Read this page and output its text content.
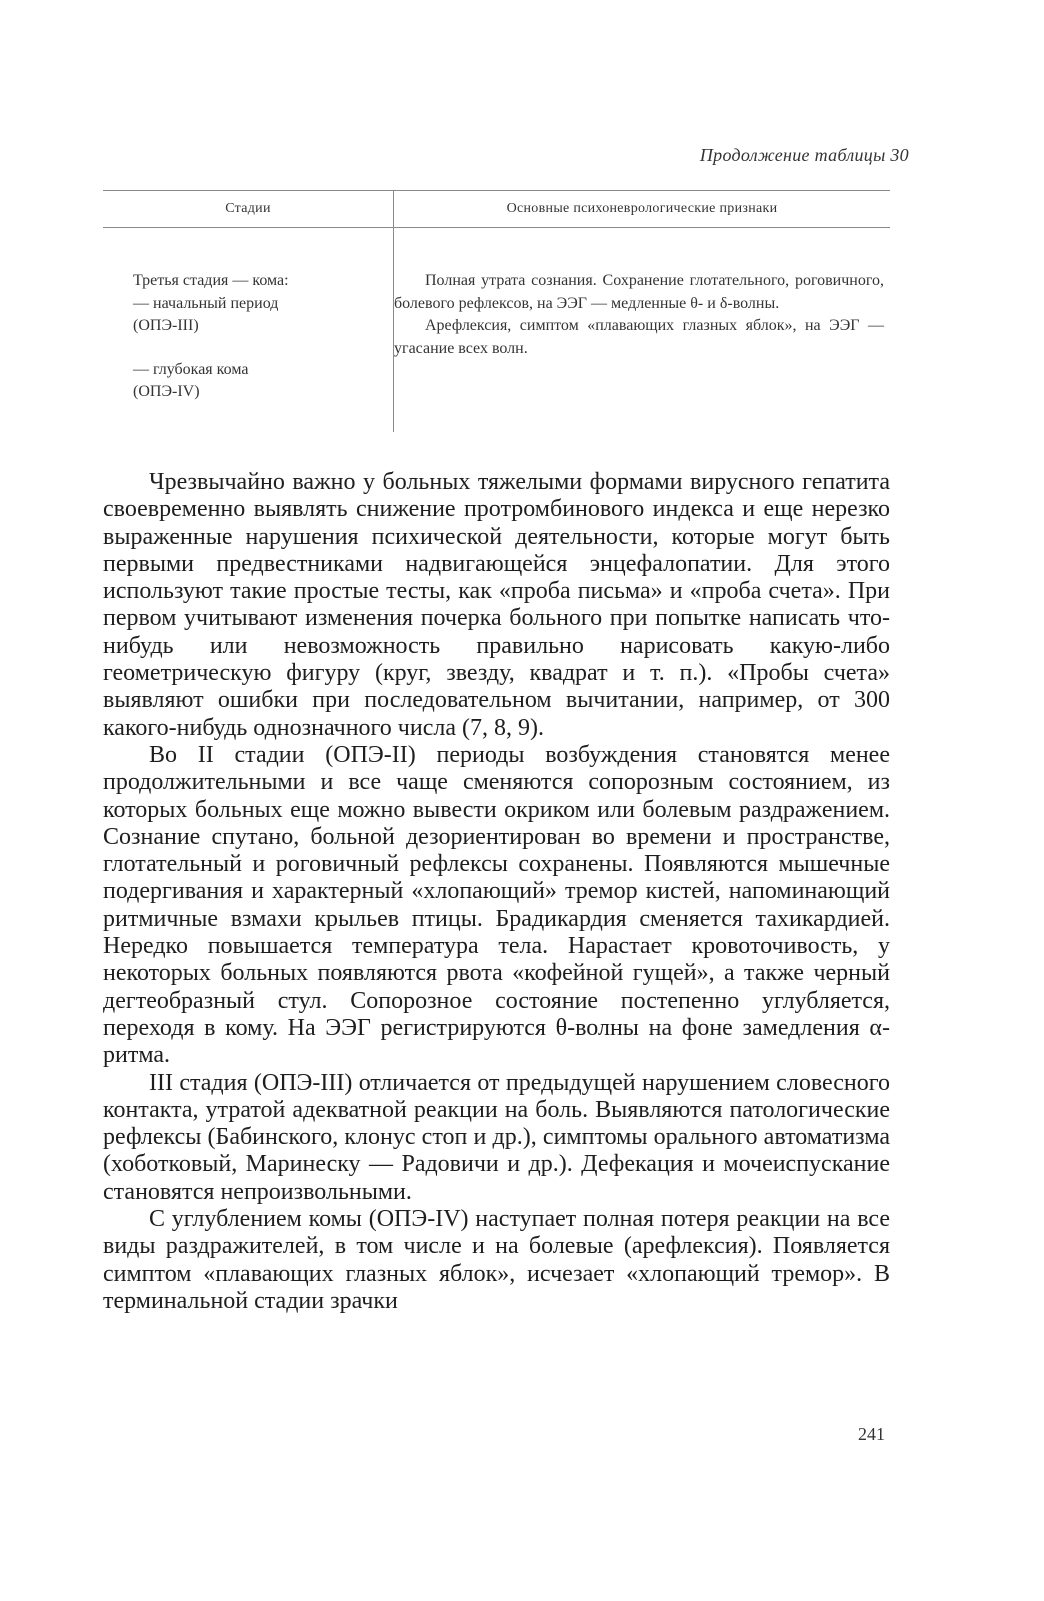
Продолжение таблицы 30
Стадии	Основные психоневрологические признаки
Третья стадия — кома:
— начальный период
(ОПЭ-III)
— глубокая кома
(ОПЭ-IV)

Полная утрата сознания. Сохранение глотательного, роговичного, болевого рефлексов, на ЭЭГ — медленные θ- и δ-волны.

Арефлексия, симптом «плавающих глазных яблок», на ЭЭГ — угасание всех волн.

Чрезвычайно важно у больных тяжелыми формами вирусного гепатита своевременно выявлять снижение протромбинового индекса и еще нерезко выраженные нарушения психической деятельности, которые могут быть первыми предвестниками надвигающейся энцефалопатии. Для этого используют такие простые тесты, как «проба письма» и «проба счета». При первом учитывают изменения почерка больного при попытке написать что-нибудь или невозможность правильно нарисовать какую-либо геометрическую фигуру (круг, звезду, квадрат и т. п.). «Пробы счета» выявляют ошибки при последовательном вычитании, например, от 300 какого-нибудь однозначного числа (7, 8, 9).

Во II стадии (ОПЭ-II) периоды возбуждения становятся менее продолжительными и все чаще сменяются сопорозным состоянием, из которых больных еще можно вывести окриком или болевым раздражением. Сознание спутано, больной дезориентирован во времени и пространстве, глотательный и роговичный рефлексы сохранены. Появляются мышечные подергивания и характерный «хлопающий» тремор кистей, напоминающий ритмичные взмахи крыльев птицы. Брадикардия сменяется тахикардией. Нередко повышается температура тела. Нарастает кровоточивость, у некоторых больных появляются рвота «кофейной гущей», а также черный дегтеобразный стул. Сопорозное состояние постепенно углубляется, переходя в кому. На ЭЭГ регистрируются θ-волны на фоне замедления α-ритма.

III стадия (ОПЭ-III) отличается от предыдущей нарушением словесного контакта, утратой адекватной реакции на боль. Выявляются патологические рефлексы (Бабинского, клонус стоп и др.), симптомы орального автоматизма (хоботковый, Маринеску — Радовичи и др.). Дефекация и мочеиспускание становятся непроизвольными.

С углублением комы (ОПЭ-IV) наступает полная потеря реакции на все виды раздражителей, в том числе и на болевые (арефлексия). Появляется симптом «плавающих глазных яблок», исчезает «хлопающий тремор». В терминальной стадии зрачки

241
